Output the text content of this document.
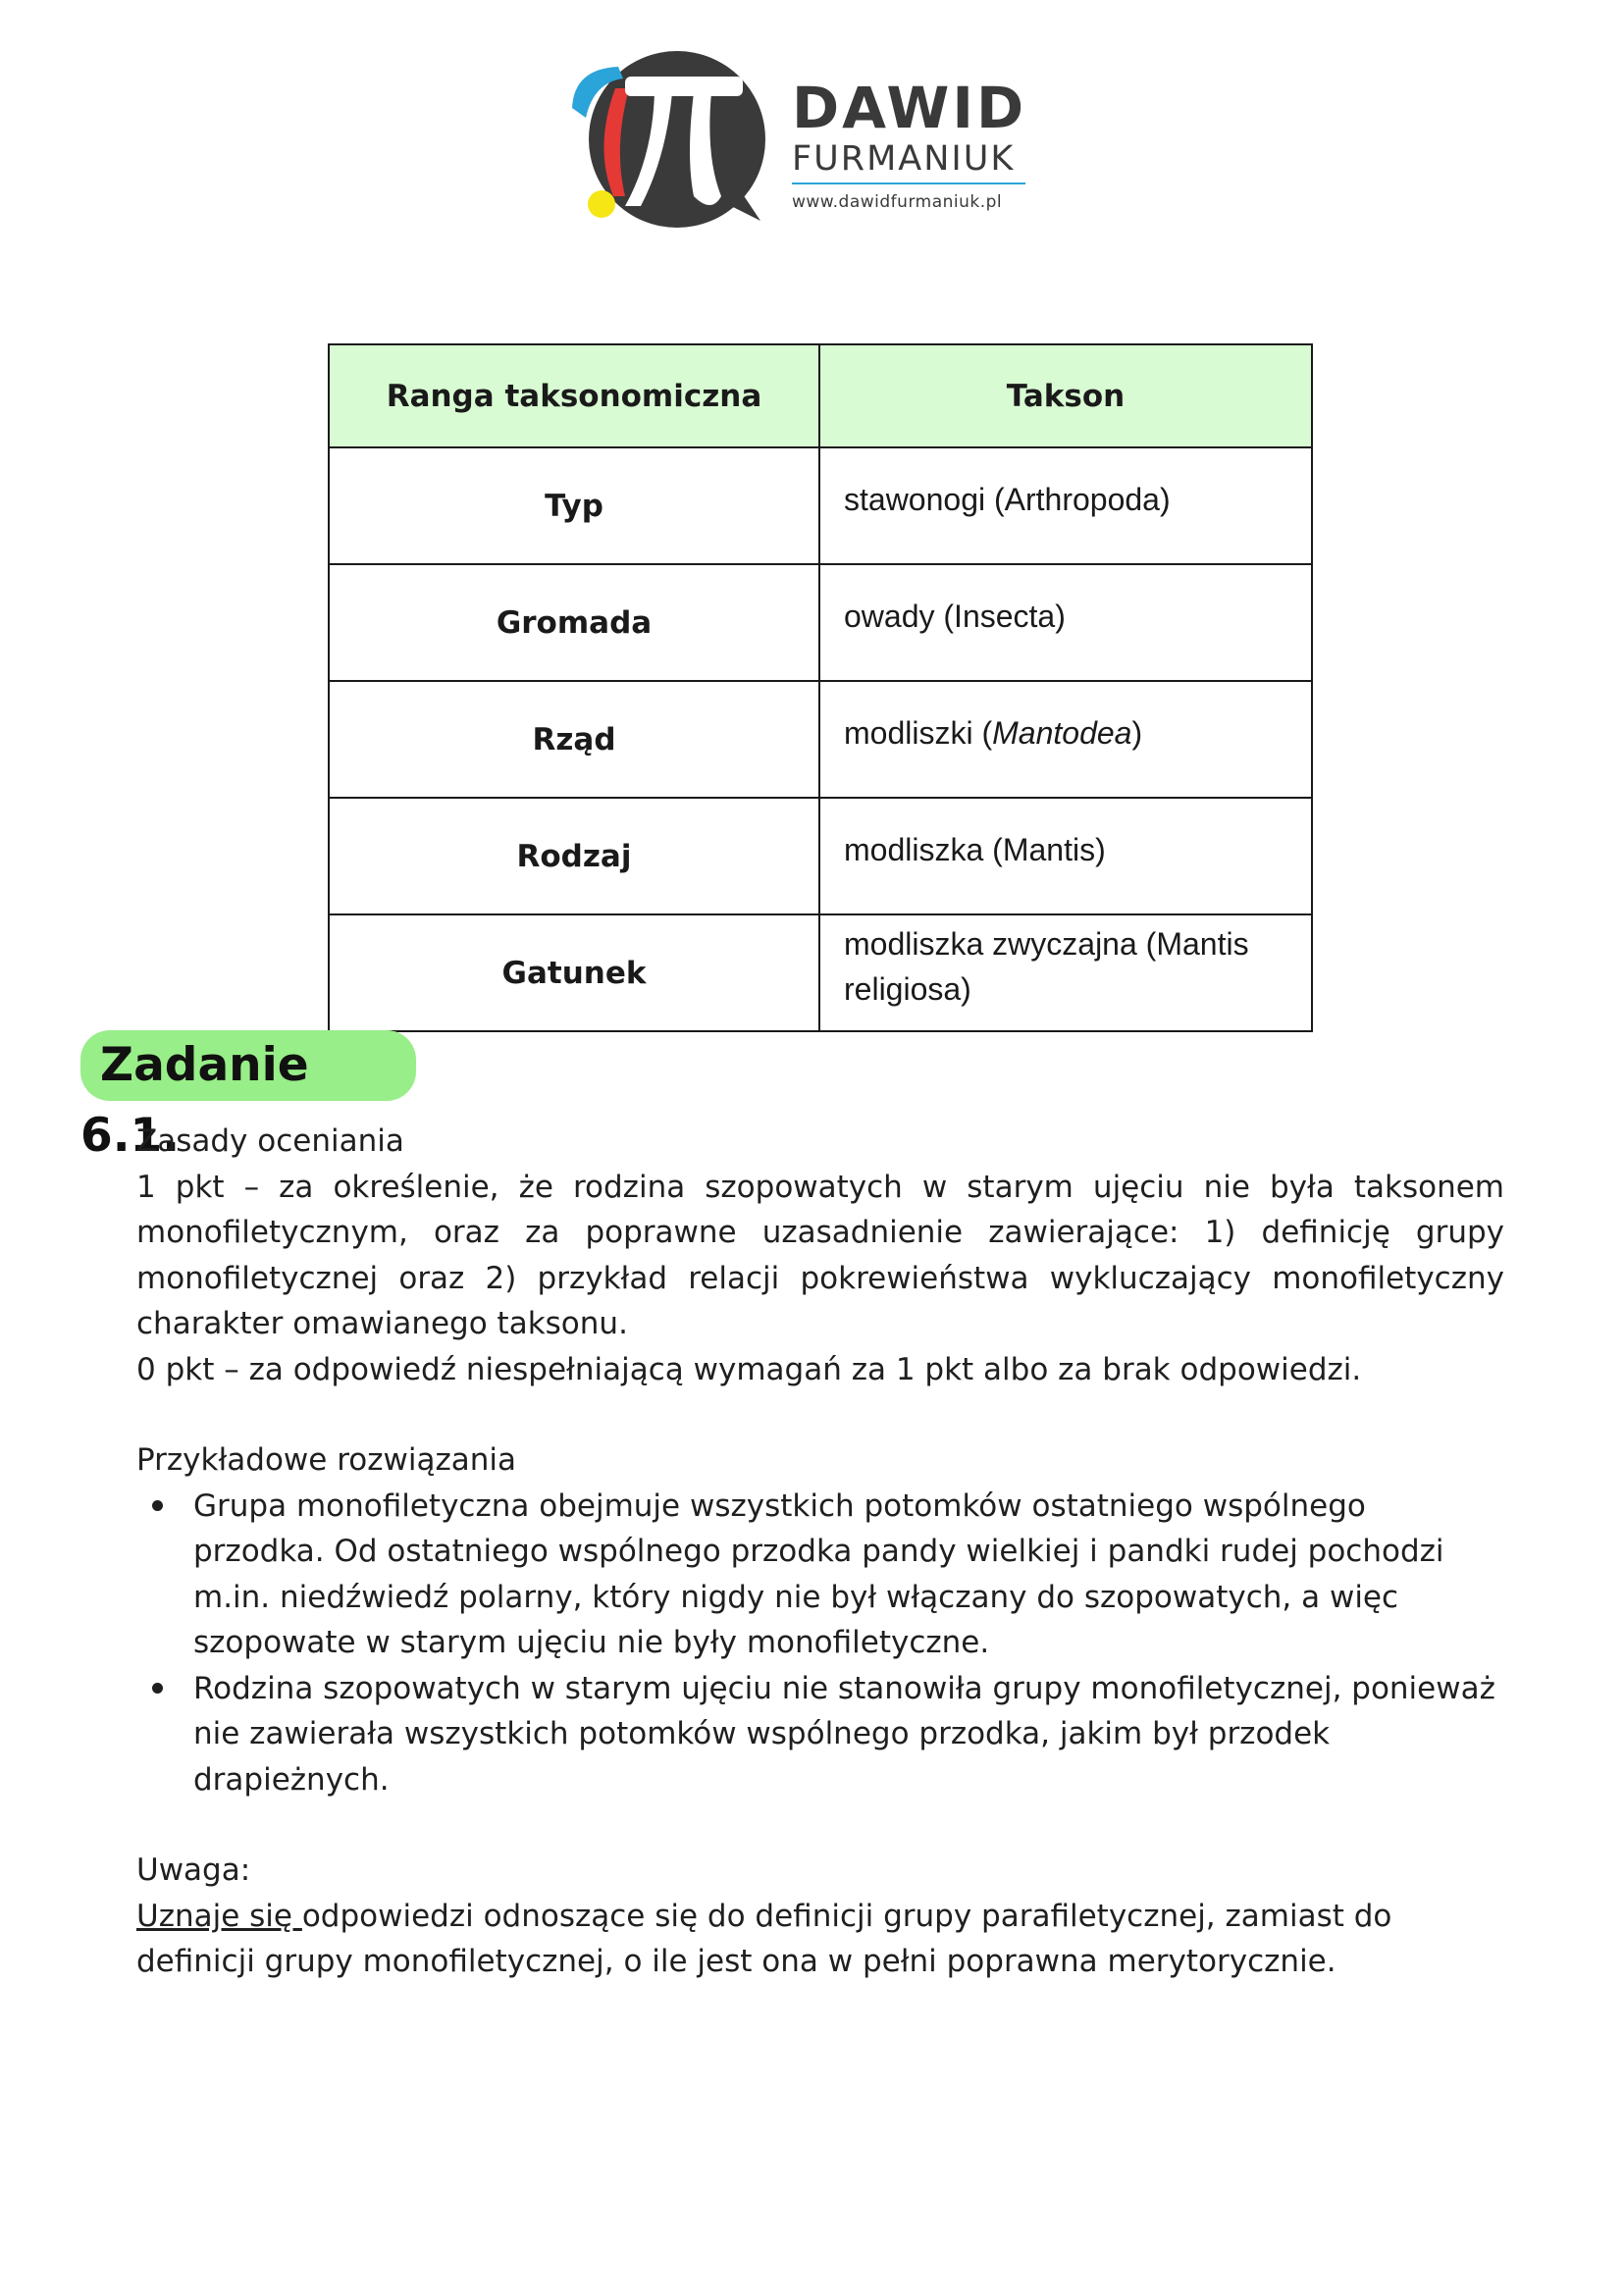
DAWID
FURMANIUK
www.dawidfurmaniuk.pl
Ranga taksonomiczna	Takson
Typ	stawonogi (Arthropoda)
Gromada	owady (Insecta)
Rząd	modliszki (Mantodea)
Rodzaj	modliszka (Mantis)
Gatunek	modliszka zwyczajna (Mantis religiosa)
Zadanie 6.1.

Zasady oceniania

1 pkt – za określenie, że rodzina szopowatych w starym ujęciu nie była taksonem monofiletycznym, oraz za poprawne uzasadnienie zawierające: 1) definicję grupy monofiletycznej oraz 2) przykład relacji pokrewieństwa wykluczający monofiletyczny charakter omawianego taksonu.

0 pkt – za odpowiedź niespełniającą wymagań za 1 pkt albo za brak odpowiedzi.

Przykładowe rozwiązania

Grupa monofiletyczna obejmuje wszystkich potomków ostatniego wspólnego przodka. Od ostatniego wspólnego przodka pandy wielkiej i pandki rudej pochodzi m.in. niedźwiedź polarny, który nigdy nie był włączany do szopowatych, a więc szopowate w starym ujęciu nie były monofiletyczne.
Rodzina szopowatych w starym ujęciu nie stanowiła grupy monofiletycznej, ponieważ nie zawierała wszystkich potomków wspólnego przodka, jakim był przodek drapieżnych.

Uwaga:

Uznaje się odpowiedzi odnoszące się do definicji grupy parafiletycznej, zamiast do definicji grupy monofiletycznej, o ile jest ona w pełni poprawna merytorycznie.
